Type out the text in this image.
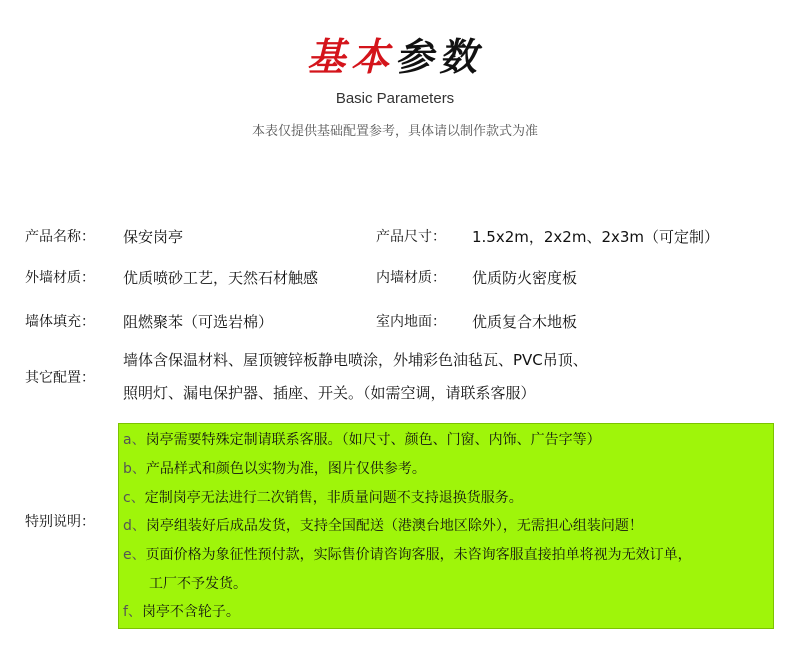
基本参数
Basic Parameters
本表仅提供基础配置参考，具体请以制作款式为准
产品名称： 保安岗亭	产品尺寸： 1.5x2m，2x2m、2x3m（可定制）
外墙材质： 优质喷砂工艺，天然石材触感	内墙材质： 优质防火密度板
墙体填充： 阻燃聚苯（可选岩棉）	室内地面： 优质复合木地板
其它配置：
墙体含保温材料、屋顶镀锌板静电喷涂，外埔彩色油毡瓦、PVC吊顶、
照明灯、漏电保护器、插座、开关。（如需空调，请联系客服）
特别说明：
a、岗亭需要特殊定制请联系客服。（如尺寸、颜色、门窗、内饰、广告字等）
b、产品样式和颜色以实物为准，图片仅供参考。
c、定制岗亭无法进行二次销售，非质量问题不支持退换货服务。
d、岗亭组装好后成品发货，支持全国配送（港澳台地区除外），无需担心组装问题！
e、页面价格为象征性预付款，实际售价请咨询客服，未咨询客服直接拍单将视为无效订单，
工厂不予发货。
f、岗亭不含轮子。
